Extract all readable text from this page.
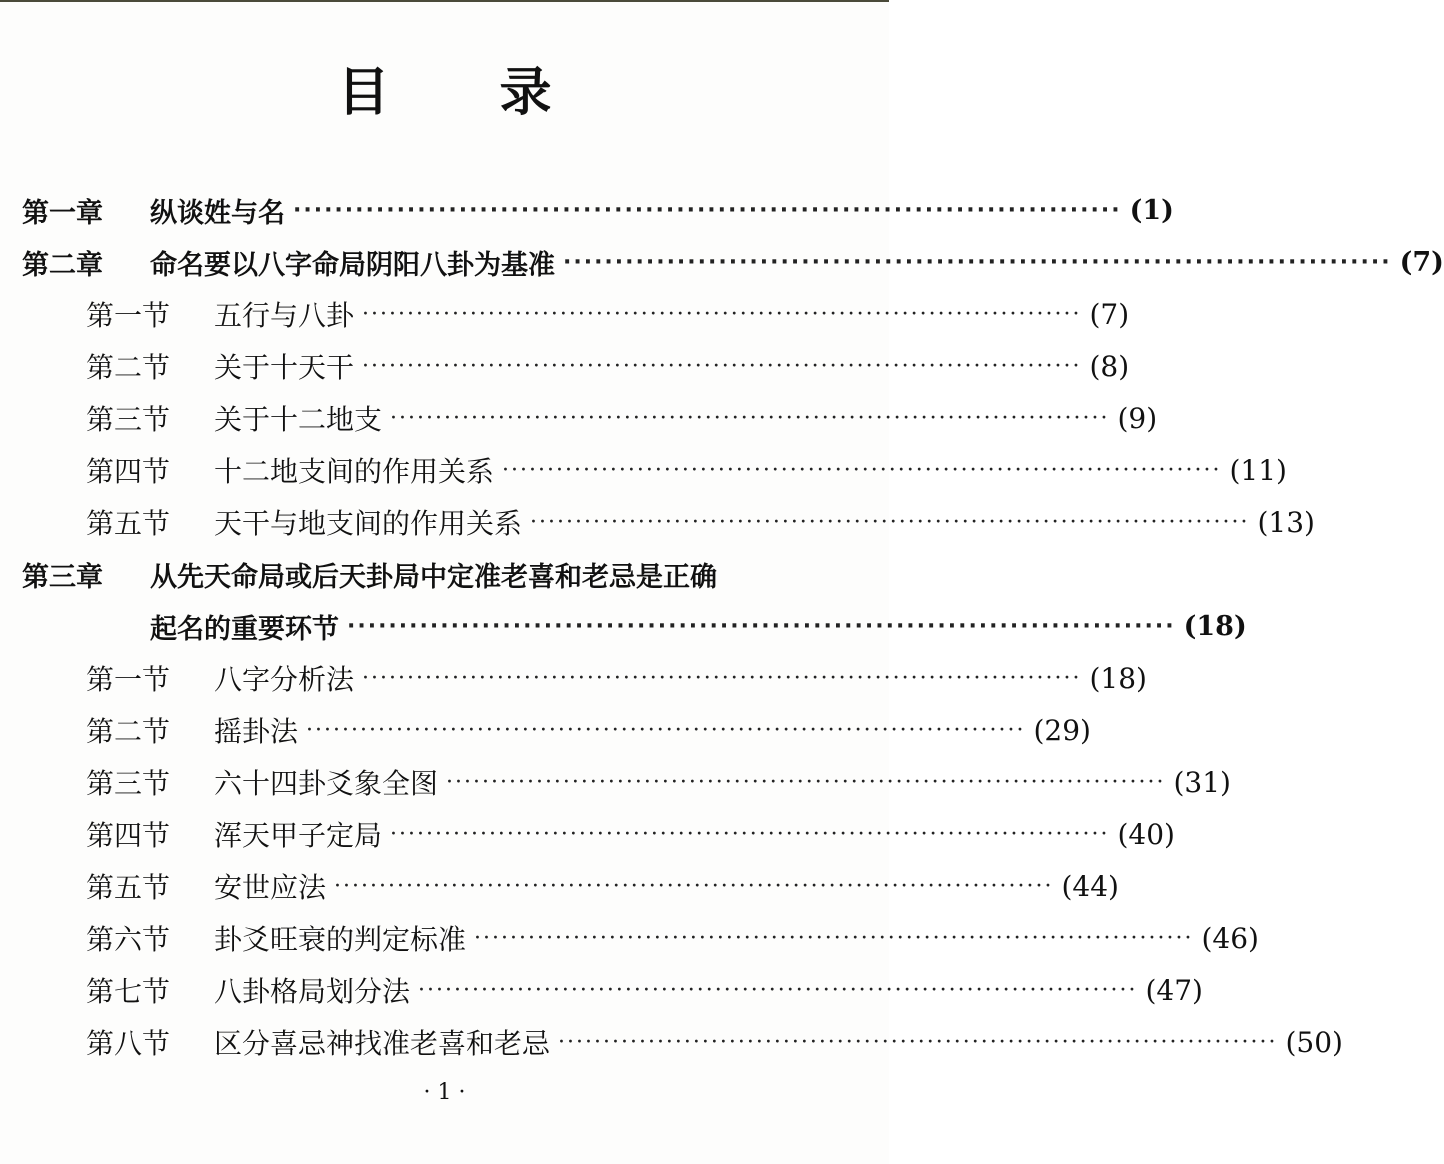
目 录
第一章	纵谈姓与名 ················································································ (1)
第二章	命名要以八字命局阴阳八卦为基准 ················································································ (7)
第一节	五行与八卦 ················································································ (7)
第二节	关于十天干 ················································································ (8)
第三节	关于十二地支 ················································································ (9)
第四节	十二地支间的作用关系 ················································································ (11)
第五节	天干与地支间的作用关系 ················································································ (13)
第三章	从先天命局或后天卦局中定准老喜和老忌是正确
起名的重要环节 ················································································ (18)
第一节	八字分析法 ················································································ (18)
第二节	摇卦法 ················································································ (29)
第三节	六十四卦爻象全图 ················································································ (31)
第四节	浑天甲子定局 ················································································ (40)
第五节	安世应法 ················································································ (44)
第六节	卦爻旺衰的判定标准 ················································································ (46)
第七节	八卦格局划分法 ················································································ (47)
第八节	区分喜忌神找准老喜和老忌 ················································································ (50)
· 1 ·
